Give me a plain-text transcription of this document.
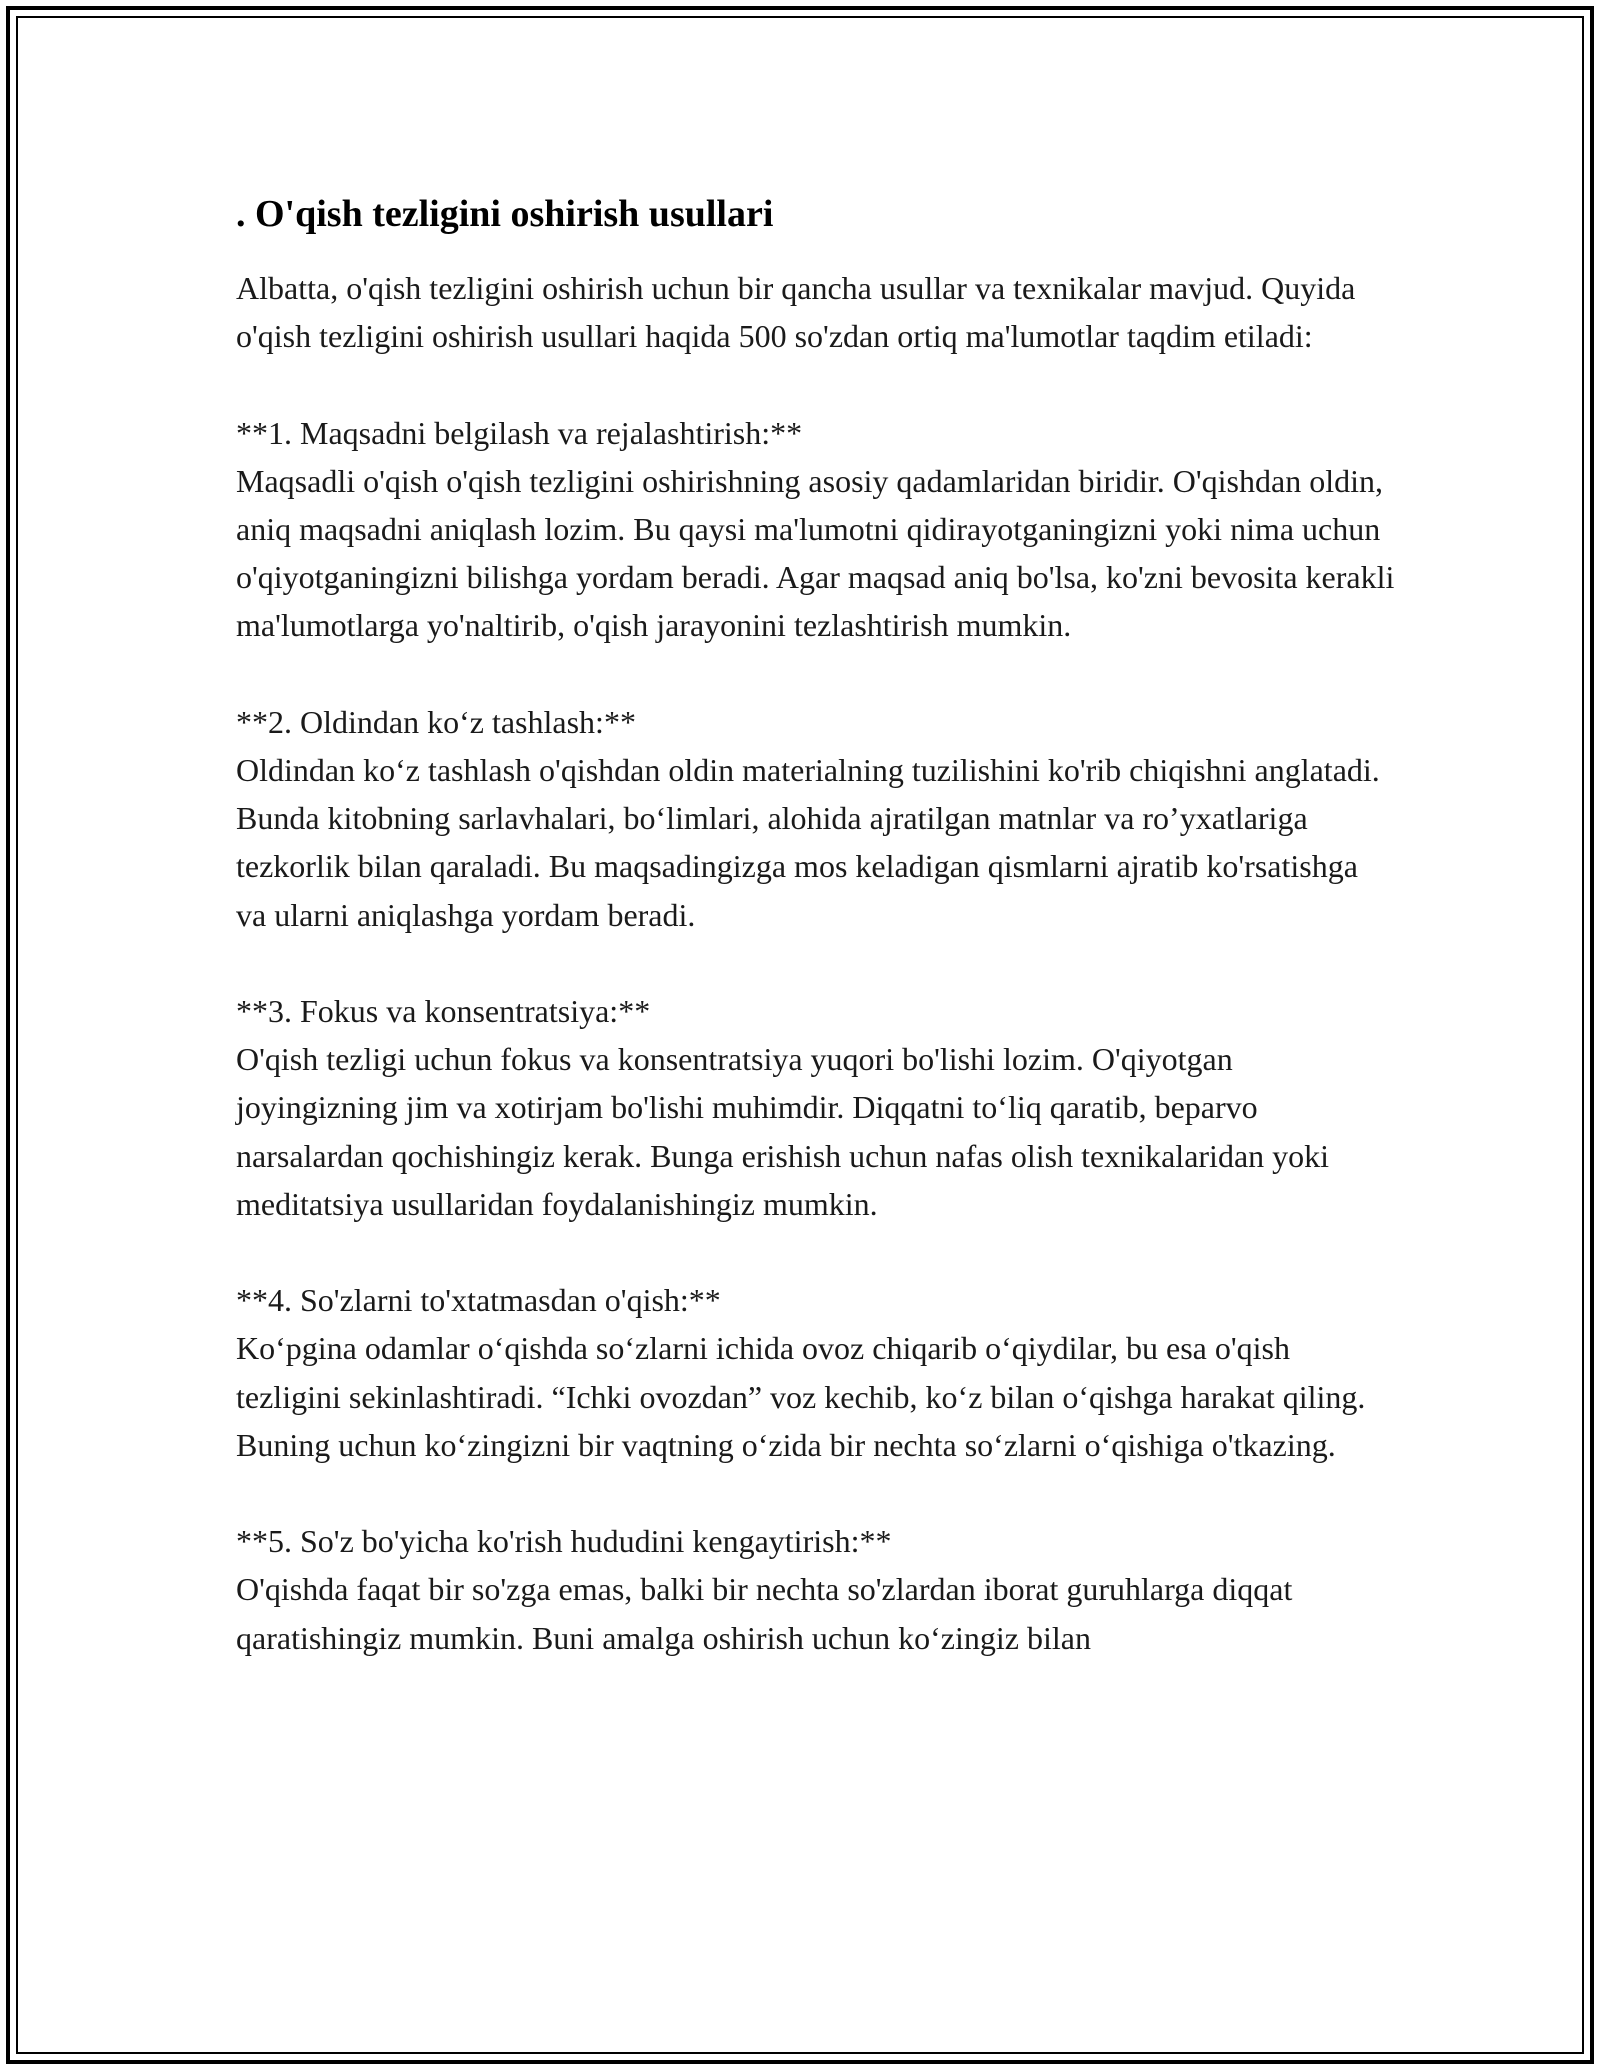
. O'qish tezligini oshirish usullari

Albatta, o'qish tezligini oshirish uchun bir qancha usullar va texnikalar mavjud. Quyida o'qish tezligini oshirish usullari haqida 500 so'zdan ortiq ma'lumotlar taqdim etiladi:

**1. Maqsadni belgilash va rejalashtirish:**

Maqsadli o'qish o'qish tezligini oshirishning asosiy qadamlaridan biridir. O'qishdan oldin, aniq maqsadni aniqlash lozim. Bu qaysi ma'lumotni qidirayotganingizni yoki nima uchun o'qiyotganingizni bilishga yordam beradi. Agar maqsad aniq bo'lsa, ko'zni bevosita kerakli ma'lumotlarga yo'naltirib, o'qish jarayonini tezlashtirish mumkin.

**2. Oldindan ko‘z tashlash:**

Oldindan ko‘z tashlash o'qishdan oldin materialning tuzilishini ko'rib chiqishni anglatadi. Bunda kitobning sarlavhalari, bo‘limlari, alohida ajratilgan matnlar va ro’yxatlariga tezkorlik bilan qaraladi. Bu maqsadingizga mos keladigan qismlarni ajratib ko'rsatishga va ularni aniqlashga yordam beradi.

**3. Fokus va konsentratsiya:**

O'qish tezligi uchun fokus va konsentratsiya yuqori bo'lishi lozim. O'qiyotgan joyingizning jim va xotirjam bo'lishi muhimdir. Diqqatni to‘liq qaratib, beparvo narsalardan qochishingiz kerak. Bunga erishish uchun nafas olish texnikalaridan yoki meditatsiya usullaridan foydalanishingiz mumkin.

**4. So'zlarni to'xtatmasdan o'qish:**

Ko‘pgina odamlar o‘qishda so‘zlarni ichida ovoz chiqarib o‘qiydilar, bu esa o'qish tezligini sekinlashtiradi. “Ichki ovozdan” voz kechib, ko‘z bilan o‘qishga harakat qiling. Buning uchun ko‘zingizni bir vaqtning o‘zida bir nechta so‘zlarni o‘qishiga o'tkazing.

**5. So'z bo'yicha ko'rish hududini kengaytirish:**

O'qishda faqat bir so'zga emas, balki bir nechta so'zlardan iborat guruhlarga diqqat qaratishingiz mumkin. Buni amalga oshirish uchun ko‘zingiz bilan
